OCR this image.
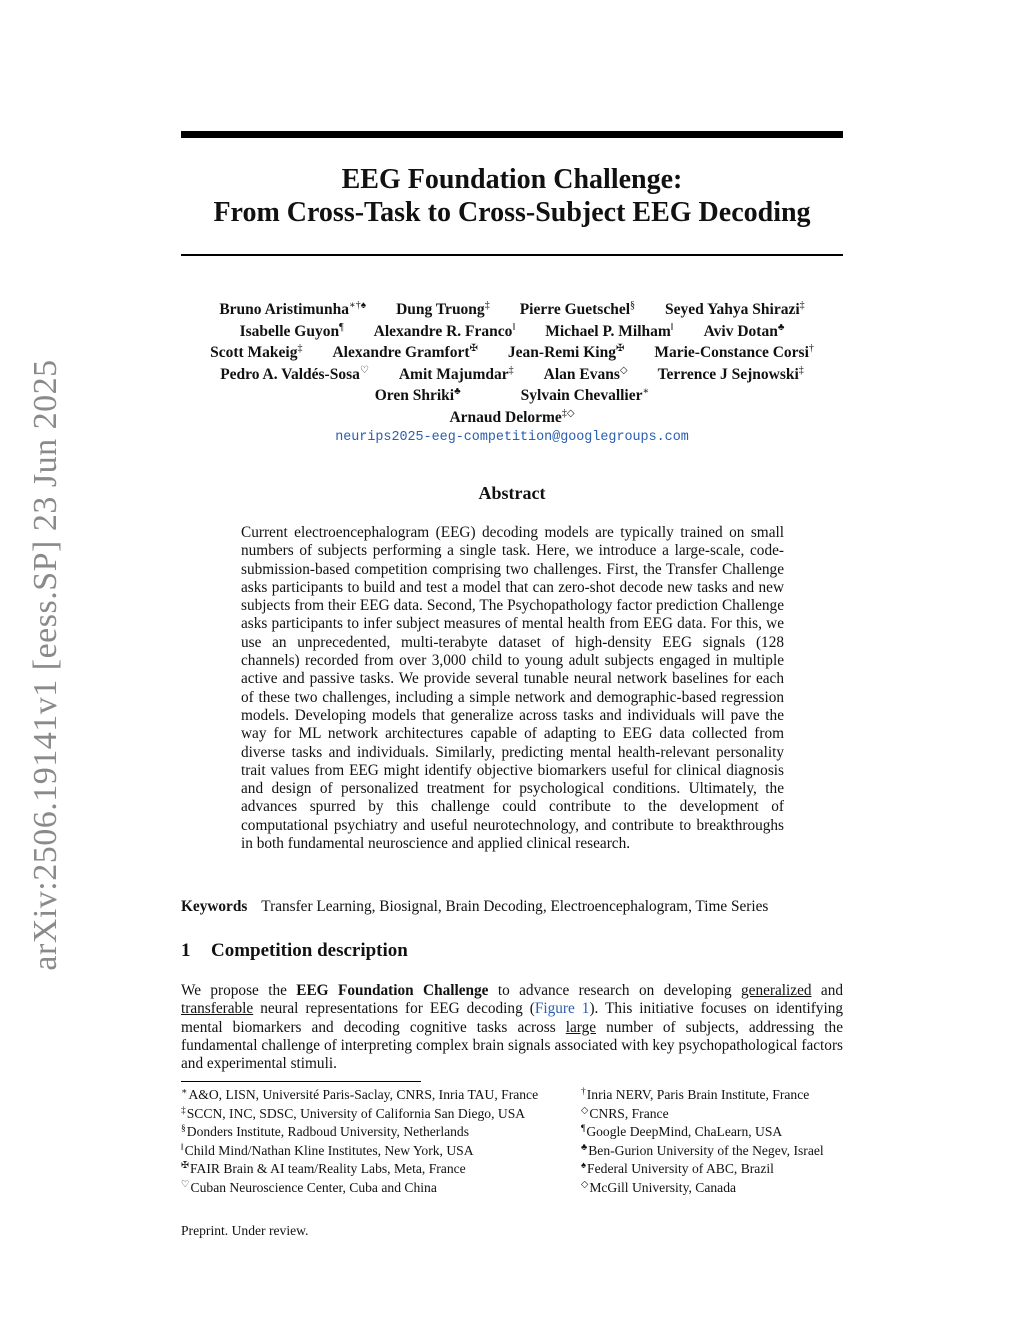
arXiv:2506.19141v1 [eess.SP] 23 Jun 2025
EEG Foundation Challenge:
From Cross-Task to Cross-Subject EEG Decoding
Bruno Aristimunha∗†♠ Dung Truong‡ Pierre Guetschel§ Seyed Yahya Shirazi‡
Isabelle Guyon¶ Alexandre R. Franco‖ Michael P. Milham‖ Aviv Dotan♣
Scott Makeig‡ Alexandre Gramfort✠ Jean-Remi King✠ Marie-Constance Corsi†
Pedro A. Valdés-Sosa♡ Amit Majumdar‡ Alan Evans◇ Terrence J Sejnowski‡
Oren Shriki♣	Sylvain Chevallier∗
Arnaud Delorme‡◇
neurips2025-eeg-competition@googlegroups.com
Abstract

Current electroencephalogram (EEG) decoding models are typically trained on small numbers of subjects performing a single task. Here, we introduce a large-scale, code-submission-based competition comprising two challenges. First, the Transfer Challenge asks participants to build and test a model that can zero-shot decode new tasks and new subjects from their EEG data. Second, The Psychopathology factor prediction Challenge asks participants to infer subject measures of mental health from EEG data. For this, we use an unprecedented, multi-terabyte dataset of high-density EEG signals (128 channels) recorded from over 3,000 child to young adult subjects engaged in multiple active and passive tasks. We provide several tunable neural network baselines for each of these two challenges, including a simple network and demographic-based regression models. Developing models that generalize across tasks and individuals will pave the way for ML network architectures capable of adapting to EEG data collected from diverse tasks and individuals. Similarly, predicting mental health-relevant personality trait values from EEG might identify objective biomarkers useful for clinical diagnosis and design of personalized treatment for psychological conditions. Ultimately, the advances spurred by this challenge could contribute to the development of computational psychiatry and useful neurotechnology, and contribute to breakthroughs in both fundamental neuroscience and applied clinical research.

Keywords Transfer Learning, Biosignal, Brain Decoding, Electroencephalogram, Time Series
1 Competition description

We propose the EEG Foundation Challenge to advance research on developing generalized and transferable neural representations for EEG decoding (Figure 1). This initiative focuses on identifying mental biomarkers and decoding cognitive tasks across large number of subjects, addressing the fundamental challenge of interpreting complex brain signals associated with key psychopathological factors and experimental stimuli.

∗A&O, LISN, Université Paris-Saclay, CNRS, Inria TAU, France	†Inria NERV, Paris Brain Institute, France
‡SCCN, INC, SDSC, University of California San Diego, USA	◇CNRS, France
§Donders Institute, Radboud University, Netherlands	¶Google DeepMind, ChaLearn, USA
‖Child Mind/Nathan Kline Institutes, New York, USA	♣Ben-Gurion University of the Negev, Israel
✠FAIR Brain & AI team/Reality Labs, Meta, France	♠Federal University of ABC, Brazil
♡Cuban Neuroscience Center, Cuba and China	◇McGill University, Canada
Preprint. Under review.
